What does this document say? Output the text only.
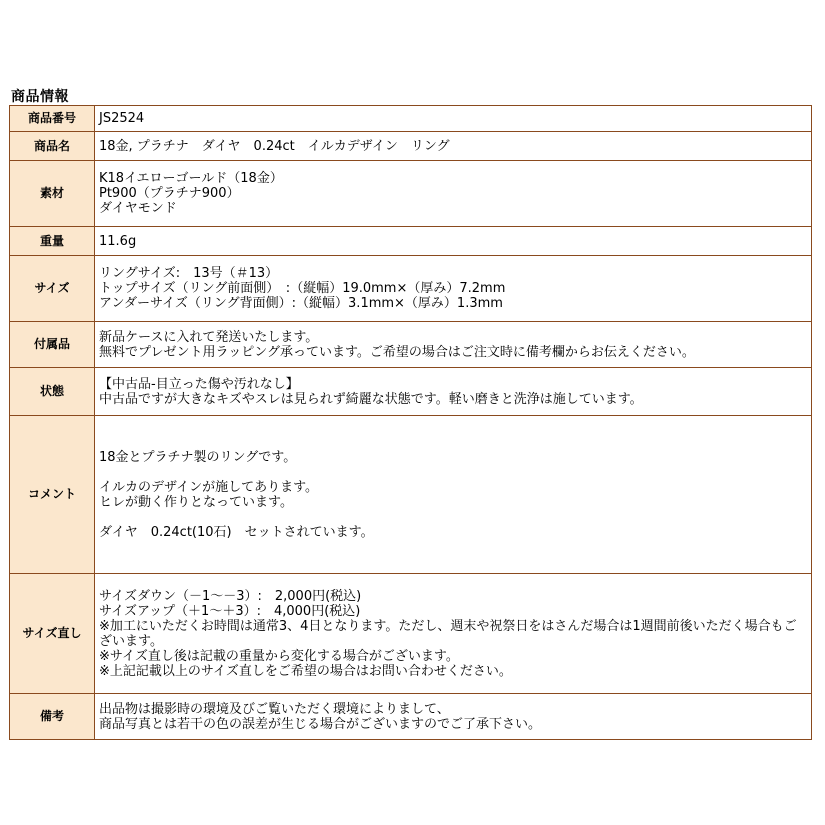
商品情報
商品番号	JS2524

商品名	18金, プラチナ　ダイヤ　0.24ct　イルカデザイン　リング

素材	K18イエローゴールド（18金）
Pt900（プラチナ900）
ダイヤモンド

重量	11.6g

サイズ	リングサイズ:　13号（＃13）
トップサイズ（リング前面側）　:（縦幅）19.0mm×（厚み）7.2mm
アンダーサイズ（リング背面側）:（縦幅）3.1mm×（厚み）1.3mm

付属品	新品ケースに入れて発送いたします。
無料でプレゼント用ラッピング承っています。ご希望の場合はご注文時に備考欄からお伝えください。

状態	【中古品-目立った傷や汚れなし】
中古品ですが大きなキズやスレは見られず綺麗な状態です。軽い磨きと洗浄は施しています。

コメント	18金とプラチナ製のリングです。
イルカのデザインが施してあります。
ヒレが動く作りとなっています。
ダイヤ　0.24ct(10石)　セットされています。

サイズ直し	サイズダウン（－1～－3）:　2,000円(税込)
サイズアップ（＋1～＋3）:　4,000円(税込)
※加工にいただくお時間は通常3、4日となります。ただし、週末や祝祭日をはさんだ場合は1週間前後いただく場合もございます。
※サイズ直し後は記載の重量から変化する場合がございます。
※上記記載以上のサイズ直しをご希望の場合はお問い合わせください。

備考	出品物は撮影時の環境及びご覧いただく環境によりまして、
商品写真とは若干の色の誤差が生じる場合がございますのでご了承下さい。
